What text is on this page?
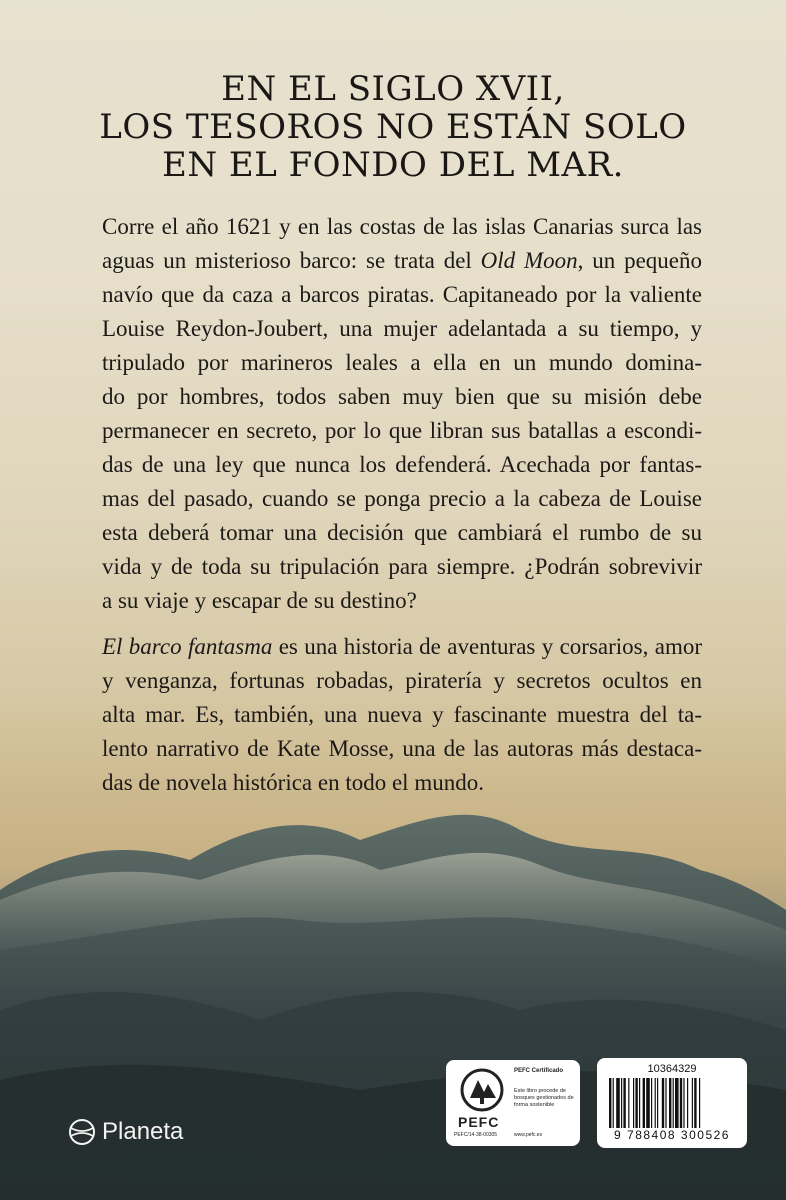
EN EL SIGLO XVII,
LOS TESOROS NO ESTÁN SOLO
EN EL FONDO DEL MAR.

Corre el año 1621 y en las costas de las islas Canarias surca las
aguas un misterioso barco: se trata del Old Moon, un pequeño
navío que da caza a barcos piratas. Capitaneado por la valiente
Louise Reydon-Joubert, una mujer adelantada a su tiempo, y
tripulado por marineros leales a ella en un mundo domina-
do por hombres, todos saben muy bien que su misión debe
permanecer en secreto, por lo que libran sus batallas a escondi-
das de una ley que nunca los defenderá. Acechada por fantas-
mas del pasado, cuando se ponga precio a la cabeza de Louise
esta deberá tomar una decisión que cambiará el rumbo de su
vida y de toda su tripulación para siempre. ¿Podrán sobrevivir
a su viaje y escapar de su destino?

El barco fantasma es una historia de aventuras y corsarios, amor
y venganza, fortunas robadas, piratería y secretos ocultos en
alta mar. Es, también, una nueva y fascinante muestra del ta-
lento narrativo de Kate Mosse, una de las autoras más destaca-
das de novela histórica en todo el mundo.

Planeta	PEFC
PEFC Certificado
Este libro procede de bosques gestionados de forma sostenible
PEFC/14-38-00305	www.pefc.es
10364329
9 788408 300526
